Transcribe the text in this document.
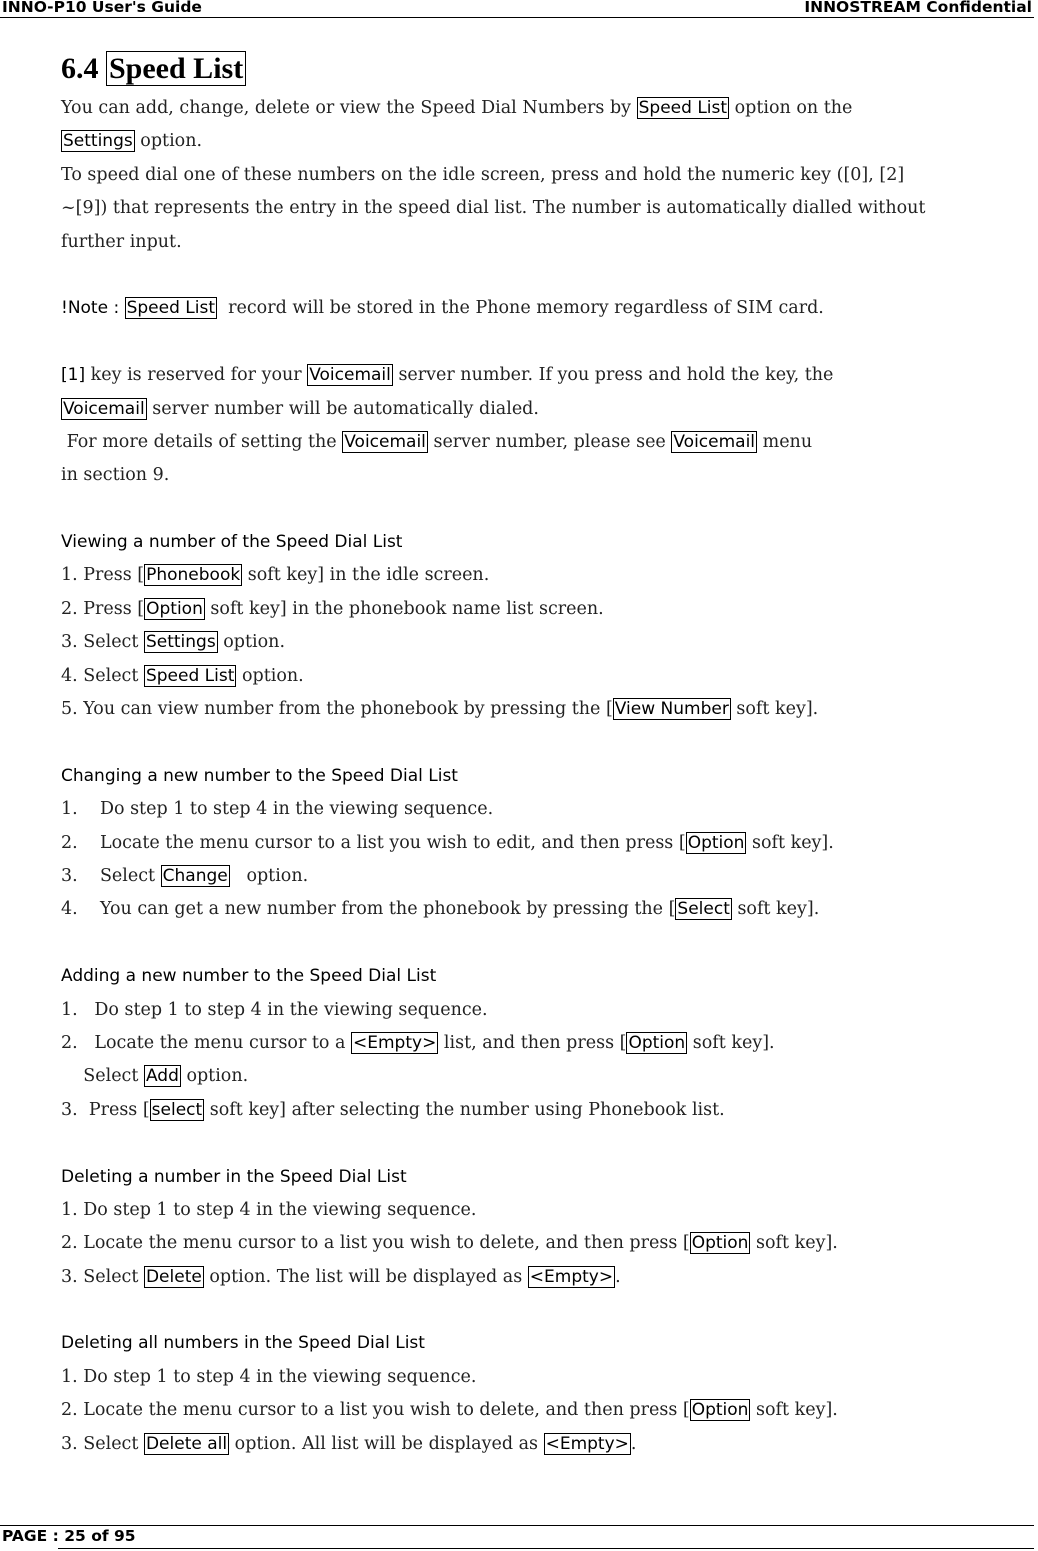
INNO-P10 User's Guide	INNOSTREAM Confidential
6.4 Speed List
You can add, change, delete or view the Speed Dial Numbers by Speed List option on the
Settings option.
To speed dial one of these numbers on the idle screen, press and hold the numeric key ([0], [2]
~[9]) that represents the entry in the speed dial list. The number is automatically dialled without
further input.
!Note : Speed List  record will be stored in the Phone memory regardless of SIM card.
[1] key is reserved for your Voicemail server number. If you press and hold the key, the
Voicemail server number will be automatically dialed.
For more details of setting the Voicemail server number, please see Voicemail menu
in section 9.
Viewing a number of the Speed Dial List
1. Press [ Phonebook soft key] in the idle screen.
2. Press [ Option soft key] in the phonebook name list screen.
3. Select Settings option.
4. Select Speed List option.
5. You can view number from the phonebook by pressing the [ View Number soft key].
Changing a new number to the Speed Dial List
1.    Do step 1 to step 4 in the viewing sequence.
2.    Locate the menu cursor to a list you wish to edit, and then press [ Option soft key].
3.    Select Change   option.
4.    You can get a new number from the phonebook by pressing the [ Select soft key].
Adding a new number to the Speed Dial List
1.   Do step 1 to step 4 in the viewing sequence.
2.   Locate the menu cursor to a <Empty> list, and then press [ Option soft key].
Select Add option.
3.  Press [ select soft key] after selecting the number using Phonebook list.
Deleting a number in the Speed Dial List
1. Do step 1 to step 4 in the viewing sequence.
2. Locate the menu cursor to a list you wish to delete, and then press [ Option soft key].
3. Select Delete option. The list will be displayed as <Empty> .
Deleting all numbers in the Speed Dial List
1. Do step 1 to step 4 in the viewing sequence.
2. Locate the menu cursor to a list you wish to delete, and then press [ Option soft key].
3. Select Delete all option. All list will be displayed as <Empty> .
PAGE : 25 of 95
